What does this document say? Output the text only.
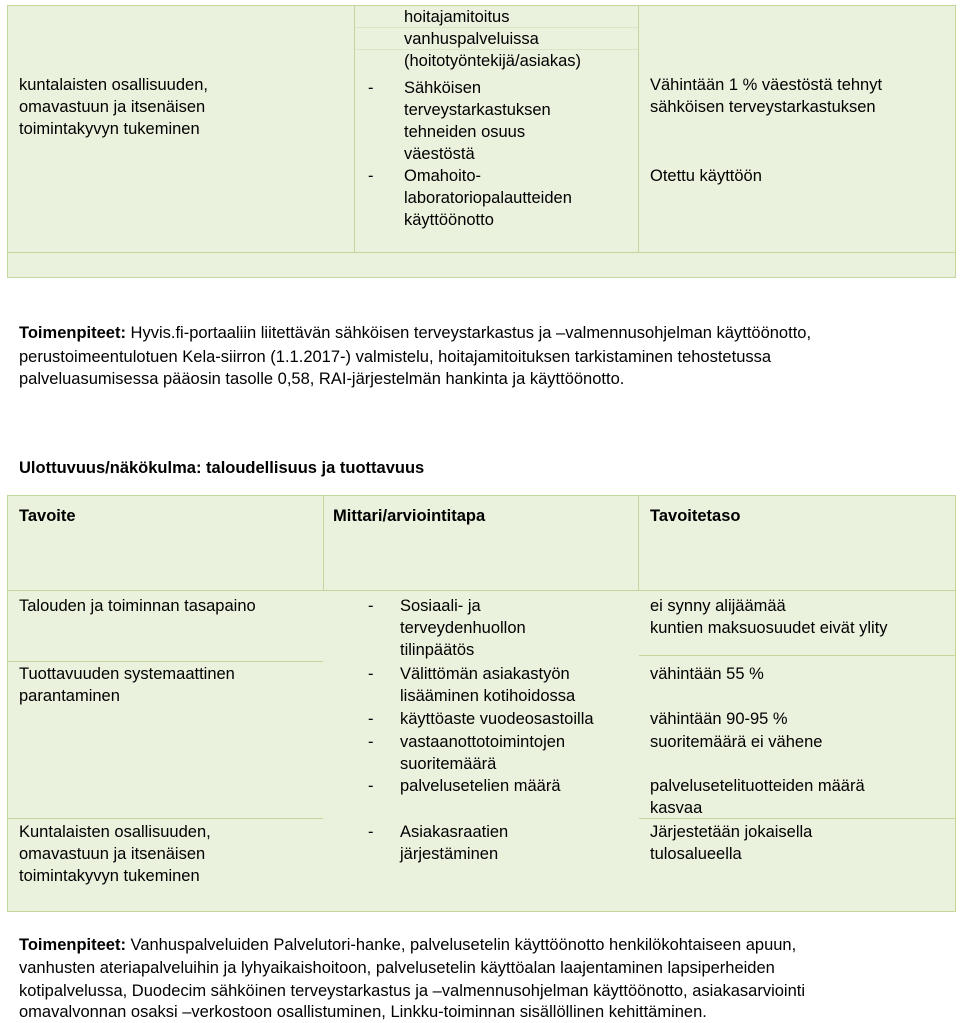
kuntalaisten osallisuuden,
omavastuun ja itsenäisen
toimintakyvyn tukeminen
hoitajamitoitus
vanhuspalveluissa
(hoitotyöntekijä/asiakas)
- Sähköisen
terveystarkastuksen
tehneiden osuus
väestöstä
- Omahoito-
laboratoriopalautteiden
käyttöönotto
Vähintään 1 % väestöstä tehnyt
sähköisen terveystarkastuksen
Otettu käyttöön
Toimenpiteet: Hyvis.fi-portaaliin liitettävän sähköisen terveystarkastus ja –valmennusohjelman käyttöönotto,
perustoimeentulotuen Kela-siirron (1.1.2017-) valmistelu, hoitajamitoituksen tarkistaminen tehostetussa
palveluasumisessa pääosin tasolle 0,58, RAI-järjestelmän hankinta ja käyttöönotto.
Ulottuvuus/näkökulma: taloudellisuus ja tuottavuus
Tavoite	Mittari/arviointitapa	Tavoitetaso
Talouden ja toiminnan tasapaino
Tuottavuuden systemaattinen
parantaminen
Kuntalaisten osallisuuden,
omavastuun ja itsenäisen
toimintakyvyn tukeminen
- Sosiaali- ja
terveydenhuollon
tilinpäätös
- Välittömän asiakastyön
lisääminen kotihoidossa
- käyttöaste vuodeosastoilla
- vastaanottotoimintojen
suoritemäärä
- palvelusetelien määrä
- Asiakasraatien
järjestäminen
ei synny alijäämää
kuntien maksuosuudet eivät ylity
vähintään 55 %
vähintään 90-95 %
suoritemäärä ei vähene
palvelusetelituotteiden määrä
kasvaa
Järjestetään jokaisella
tulosalueella
Toimenpiteet: Vanhuspalveluiden Palvelutori-hanke, palvelusetelin käyttöönotto henkilökohtaiseen apuun,
vanhusten ateriapalveluihin ja lyhyaikaishoitoon, palvelusetelin käyttöalan laajentaminen lapsiperheiden
kotipalvelussa, Duodecim sähköinen terveystarkastus ja –valmennusohjelman käyttöönotto, asiakasarviointi
omavalvonnan osaksi –verkostoon osallistuminen, Linkku-toiminnan sisällöllinen kehittäminen.
